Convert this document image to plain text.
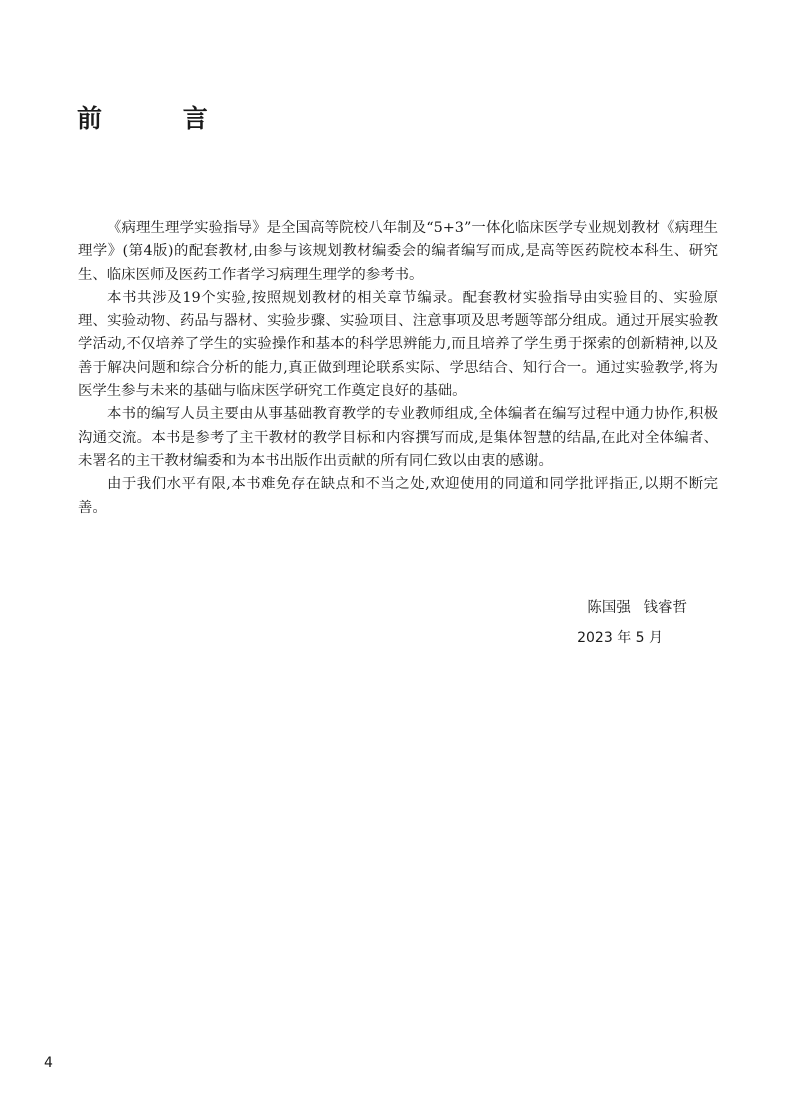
前 言

《病理生理学实验指导》是全国高等院校八年制及“5+3”一体化临床医学专业规划教材《病理生理学》(第4版)的配套教材,由参与该规划教材编委会的编者编写而成,是高等医药院校本科生、研究生、临床医师及医药工作者学习病理生理学的参考书。

本书共涉及19个实验,按照规划教材的相关章节编录。配套教材实验指导由实验目的、实验原理、实验动物、药品与器材、实验步骤、实验项目、注意事项及思考题等部分组成。通过开展实验教学活动,不仅培养了学生的实验操作和基本的科学思辨能力,而且培养了学生勇于探索的创新精神,以及善于解决问题和综合分析的能力,真正做到理论联系实际、学思结合、知行合一。通过实验教学,将为医学生参与未来的基础与临床医学研究工作奠定良好的基础。

本书的编写人员主要由从事基础教育教学的专业教师组成,全体编者在编写过程中通力协作,积极沟通交流。本书是参考了主干教材的教学目标和内容撰写而成,是集体智慧的结晶,在此对全体编者、未署名的主干教材编委和为本书出版作出贡献的所有同仁致以由衷的感谢。

由于我们水平有限,本书难免存在缺点和不当之处,欢迎使用的同道和同学批评指正,以期不断完善。

陈国强 钱睿哲
2023 年 5 月
4
